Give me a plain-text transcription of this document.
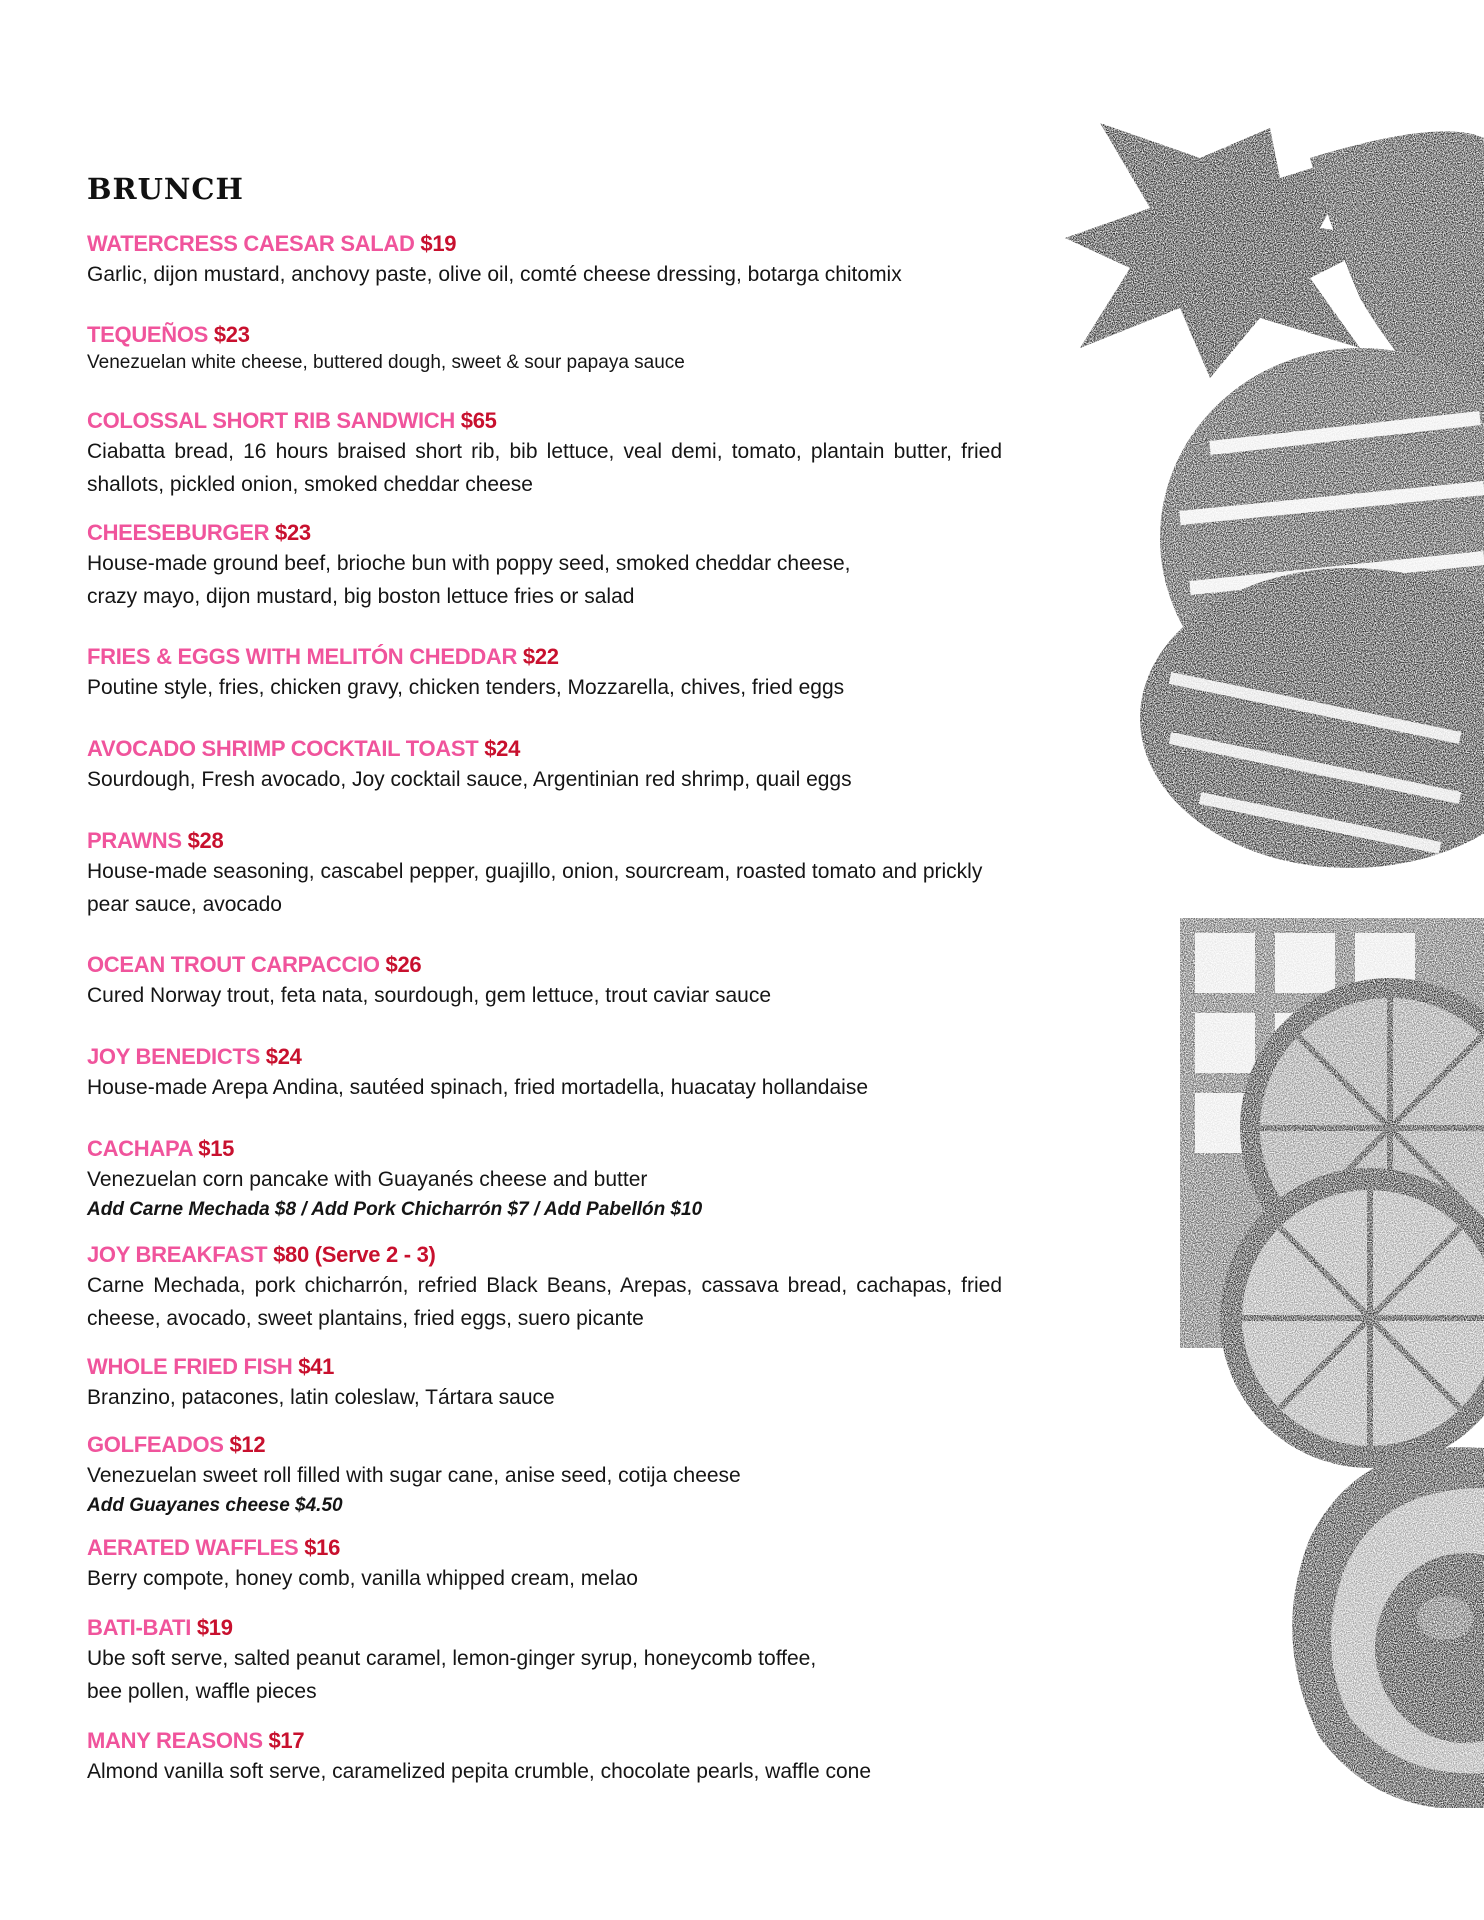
BRUNCH
WATERCRESS CAESAR SALAD $19
Garlic, dijon mustard, anchovy paste, olive oil, comté cheese dressing, botarga chitomix
TEQUEÑOS $23
Venezuelan white cheese, buttered dough, sweet & sour papaya sauce
COLOSSAL SHORT RIB SANDWICH $65
Ciabatta bread, 16 hours braised short rib, bib lettuce, veal demi, tomato, plantain butter, fried shallots, pickled onion, smoked cheddar cheese
CHEESEBURGER $23
House-made ground beef, brioche bun with poppy seed, smoked cheddar cheese,
crazy mayo, dijon mustard, big boston lettuce fries or salad
FRIES & EGGS WITH MELITÓN CHEDDAR $22
Poutine style, fries, chicken gravy, chicken tenders, Mozzarella, chives, fried eggs
AVOCADO SHRIMP COCKTAIL TOAST $24
Sourdough, Fresh avocado, Joy cocktail sauce, Argentinian red shrimp, quail eggs
PRAWNS $28
House-made seasoning, cascabel pepper, guajillo, onion, sourcream, roasted tomato and prickly pear sauce, avocado
OCEAN TROUT CARPACCIO $26
Cured Norway trout, feta nata, sourdough, gem lettuce, trout caviar sauce
JOY BENEDICTS $24
House-made Arepa Andina, sautéed spinach, fried mortadella, huacatay hollandaise
CACHAPA $15
Venezuelan corn pancake with Guayanés cheese and butter
Add Carne Mechada $8 / Add Pork Chicharrón $7 / Add Pabellón $10
JOY BREAKFAST $80 (Serve 2 - 3)
Carne Mechada, pork chicharrón, refried Black Beans, Arepas, cassava bread, cachapas, fried cheese, avocado, sweet plantains, fried eggs, suero picante
WHOLE FRIED FISH $41
Branzino, patacones, latin coleslaw, Tártara sauce
GOLFEADOS $12
Venezuelan sweet roll filled with sugar cane, anise seed, cotija cheese
Add Guayanes cheese $4.50
AERATED WAFFLES $16
Berry compote, honey comb, vanilla whipped cream, melao
BATI-BATI $19
Ube soft serve, salted peanut caramel, lemon-ginger syrup, honeycomb toffee,
bee pollen, waffle pieces
MANY REASONS $17
Almond vanilla soft serve, caramelized pepita crumble, chocolate pearls, waffle cone
